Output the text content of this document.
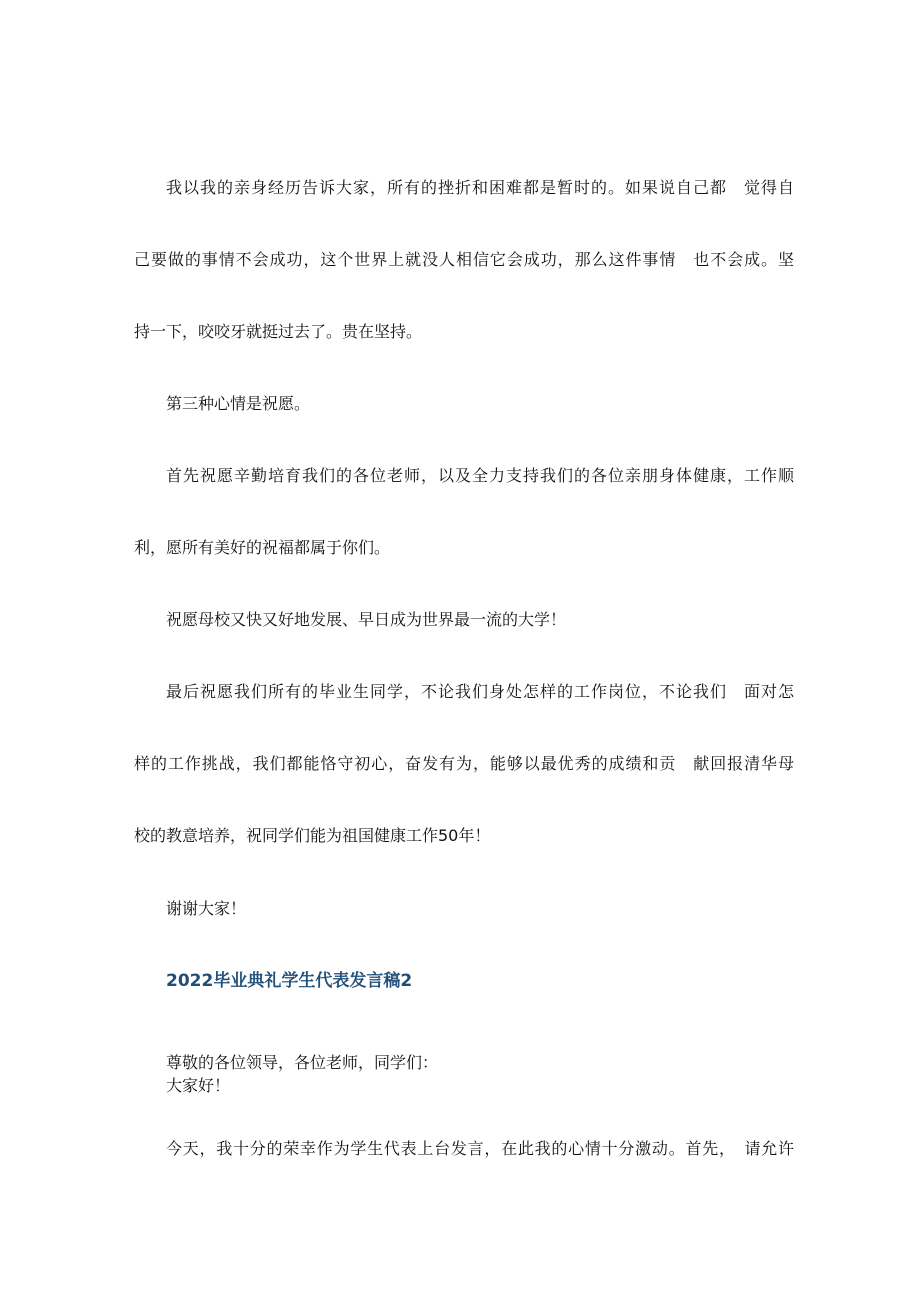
我以我的亲身经历告诉大家，所有的挫折和困难都是暂时的。如果说自己都　觉得自
己要做的事情不会成功，这个世界上就没人相信它会成功，那么这件事情　也不会成。坚
持一下，咬咬牙就挺过去了。贵在坚持。
第三种心情是祝愿。
首先祝愿辛勤培育我们的各位老师，以及全力支持我们的各位亲朋身体健康，工作顺
利，愿所有美好的祝福都属于你们。
祝愿母校又快又好地发展、早日成为世界最一流的大学！
最后祝愿我们所有的毕业生同学，不论我们身处怎样的工作岗位，不论我们　面对怎
样的工作挑战，我们都能恪守初心，奋发有为，能够以最优秀的成绩和贡　献回报清华母
校的教意培养，祝同学们能为祖国健康工作50年！
谢谢大家！
2022毕业典礼学生代表发言稿2
尊敬的各位领导，各位老师，同学们：
大家好！
今天，我十分的荣幸作为学生代表上台发言，在此我的心情十分激动。首先，　请允许
